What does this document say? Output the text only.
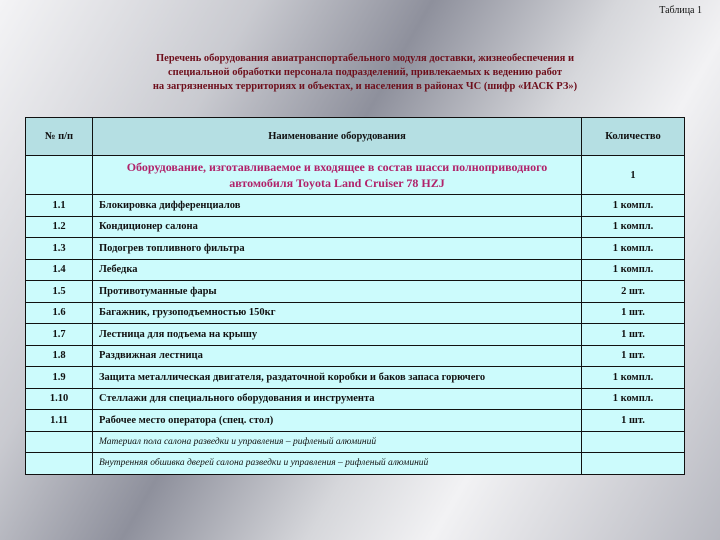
Таблица 1
Перечень оборудования авиатранспортабельного модуля доставки, жизнеобеспечения и
специальной обработки персонала подразделений, привлекаемых к ведению работ
на загрязненных территориях и объектах, и населения в районах ЧС (шифр «ИАСК РЗ»)
№ п/п	Наименование оборудования	Количество
	Оборудование, изготавливаемое и входящее в состав шасси полноприводного автомобиля Toyota Land Cruiser 78 HZJ	1
1.1	Блокировка дифференциалов	1 компл.
1.2	Кондиционер салона	1 компл.
1.3	Подогрев топливного фильтра	1 компл.
1.4	Лебедка	1 компл.
1.5	Противотуманные фары	2 шт.
1.6	Багажник, грузоподъемностью 150кг	1 шт.
1.7	Лестница для подъема на крышу	1 шт.
1.8	Раздвижная лестница	1 шт.
1.9	Защита металлическая двигателя, раздаточной коробки и баков запаса горючего	1 компл.
1.10	Стеллажи для специального оборудования и инструмента	1 компл.
1.11	Рабочее место оператора (спец. стол)	1 шт.
	Материал пола салона разведки и управления – рифленый алюминий	
	Внутренняя обшивка дверей салона разведки и управления – рифленый алюминий	
